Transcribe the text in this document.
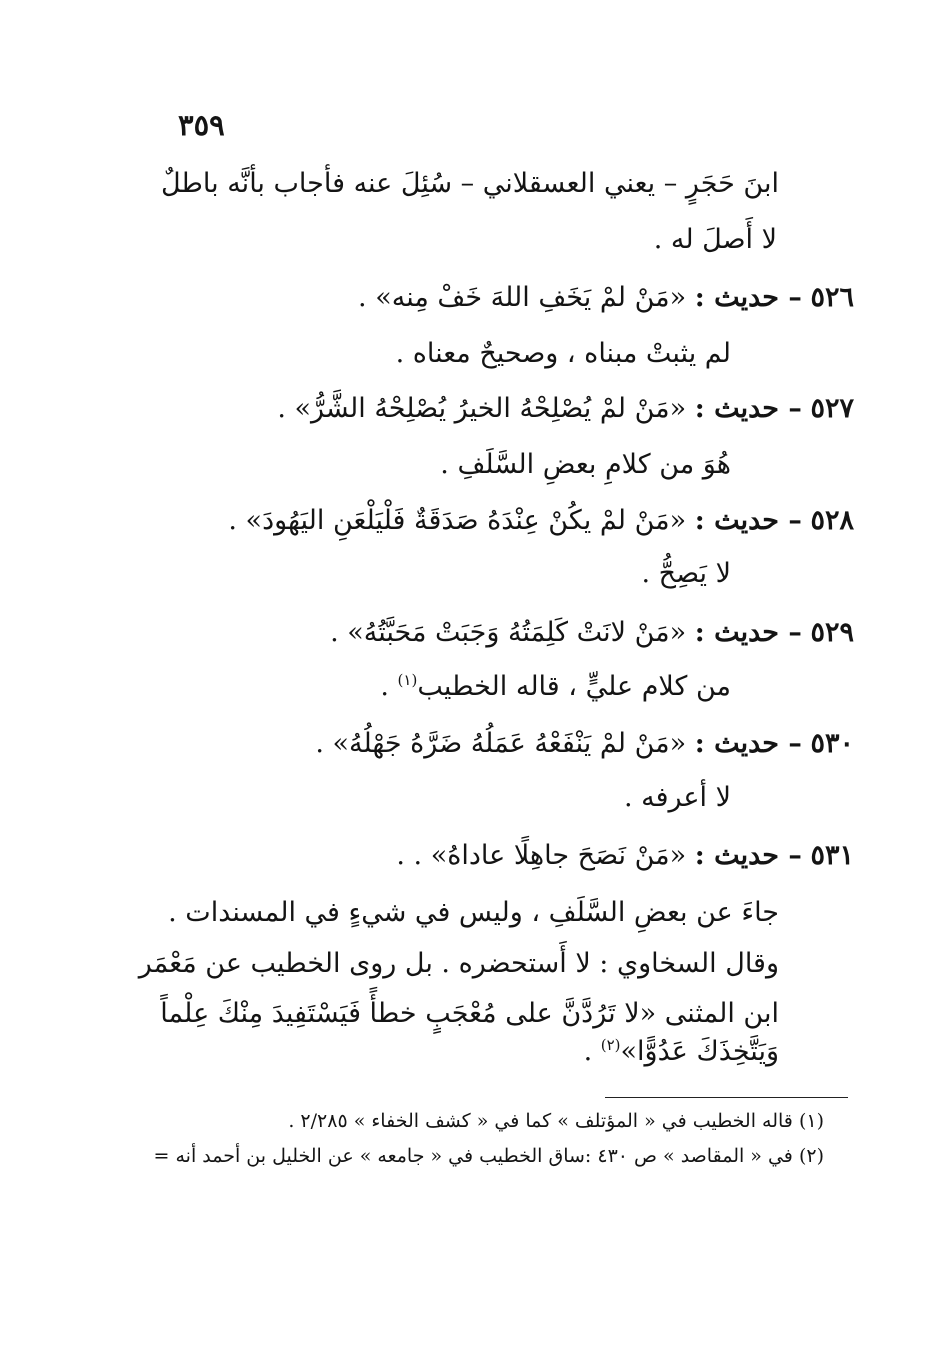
٣٥٩
ابنَ حَجَرٍ – يعني العسقلاني – سُئِلَ عنه فأجاب بأنَّه باطلٌ
لا أَصلَ له .
٥٢٦ – حديث : «مَنْ لمْ يَخَفِ اللهَ خَفْ مِنه» .
لم يثبتْ مبناه ، وصحيحٌ معناه .
٥٢٧ – حديث : «مَنْ لمْ يُصْلِحْهُ الخيرُ يُصْلِحْهُ الشَّرُّ» .
هُوَ من كلامِ بعضِ السَّلَفِ .
٥٢٨ – حديث : «مَنْ لمْ يكُنْ عِنْدَهُ صَدَقَةٌ فَلْيَلْعَنِ اليَهُودَ» .
لا يَصِحُّ .
٥٢٩ – حديث : «مَنْ لانَتْ كَلِمَتُهُ وَجَبَتْ مَحَبَّتُهُ» .
من كلام عليٍّ ، قاله الخطيب$^{(١)}$ .
٥٣٠ – حديث : «مَنْ لمْ يَنْفَعْهُ عَمَلُهُ ضَرَّهُ جَهْلُهُ» .
لا أعرفه .
٥٣١ – حديث : «مَنْ نَصَحَ جاهِلًا عاداهُ» . .
جاءَ عن بعضِ السَّلَفِ ، وليس في شيءٍ في المسندات .
وقال السخاوي : لا أَستحضره . بل روى الخطيب عن مَعْمَر
ابن المثنى «لا تَرُدَّنَّ على مُعْجَبٍ خطأً فَيَسْتَفِيدَ مِنْكَ عِلْماً
وَيَتَّخِذَكَ عَدُوًّا»$^{(٢)}$ .
(١) قاله الخطيب في « المؤتلف » كما في « كشف الخفاء » ٢/٢٨٥ .
(٢) في « المقاصد » ص ٤٣٠ :ساق الخطيب في « جامعه » عن الخليل بن أحمد أنه =
